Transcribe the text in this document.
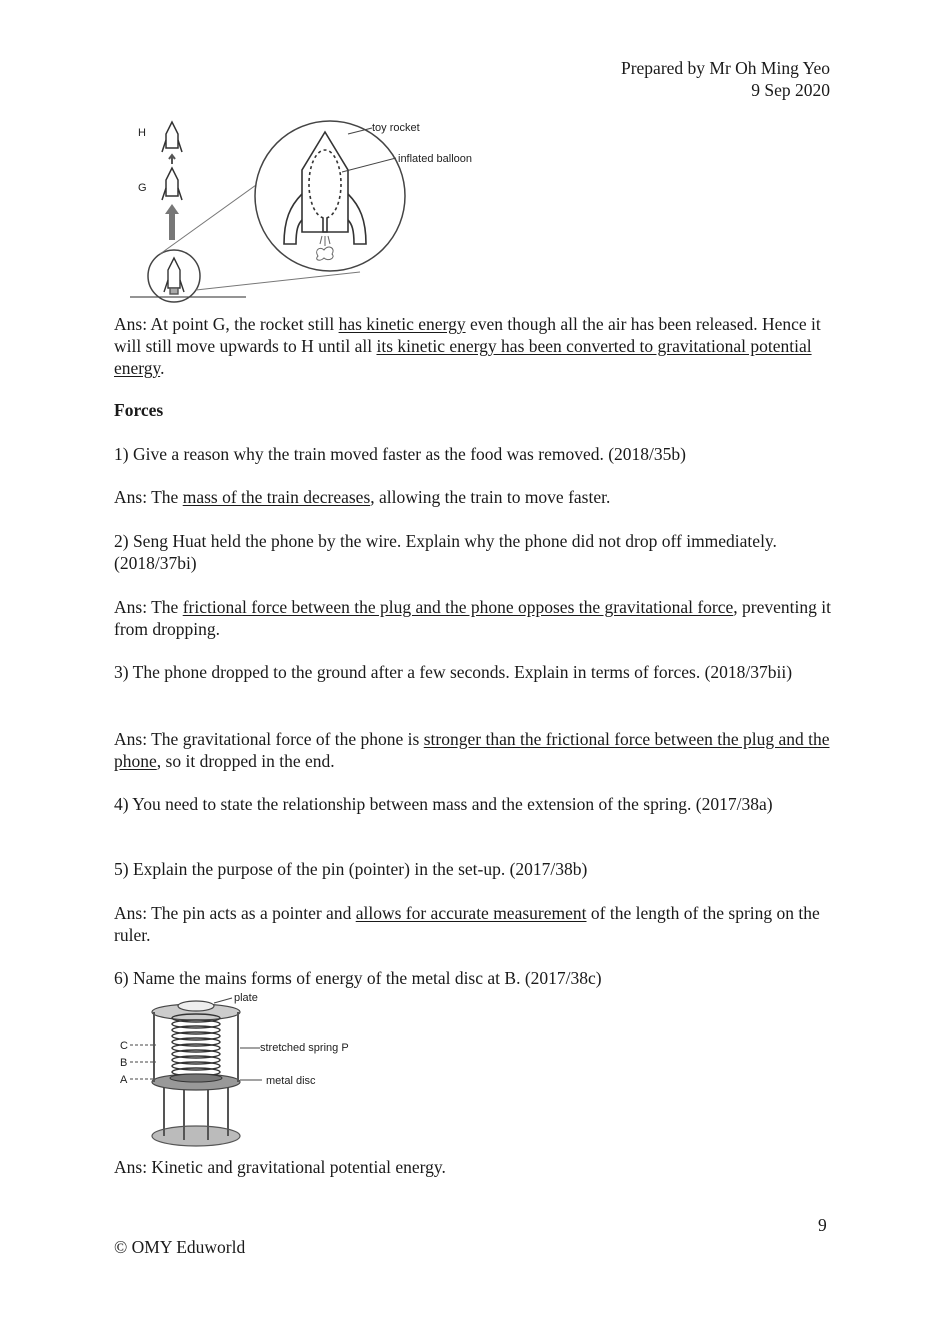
Prepared by Mr Oh Ming Yeo
9 Sep 2020
H
G
toy rocket
inflated balloon

Ans: At point G, the rocket still has kinetic energy even though all the air has been released. Hence it will still move upwards to H until all its kinetic energy has been converted to gravitational potential energy.

Forces

1) Give a reason why the train moved faster as the food was removed. (2018/35b)

Ans: The mass of the train decreases, allowing the train to move faster.

2) Seng Huat held the phone by the wire. Explain why the phone did not drop off immediately. (2018/37bi)

Ans: The frictional force between the plug and the phone opposes the gravitational force, preventing it from dropping.

3) The phone dropped to the ground after a few seconds. Explain in terms of forces. (2018/37bii)

Ans: The gravitational force of the phone is stronger than the frictional force between the plug and the phone, so it dropped in the end.

4) You need to state the relationship between mass and the extension of the spring. (2017/38a)

5) Explain the purpose of the pin (pointer) in the set-up. (2017/38b)

Ans: The pin acts as a pointer and allows for accurate measurement of the length of the spring on the ruler.

6) Name the mains forms of energy of the metal disc at B. (2017/38c)

C
B
A
plate
stretched spring P
metal disc

Ans: Kinetic and gravitational potential energy.

9
© OMY Eduworld
